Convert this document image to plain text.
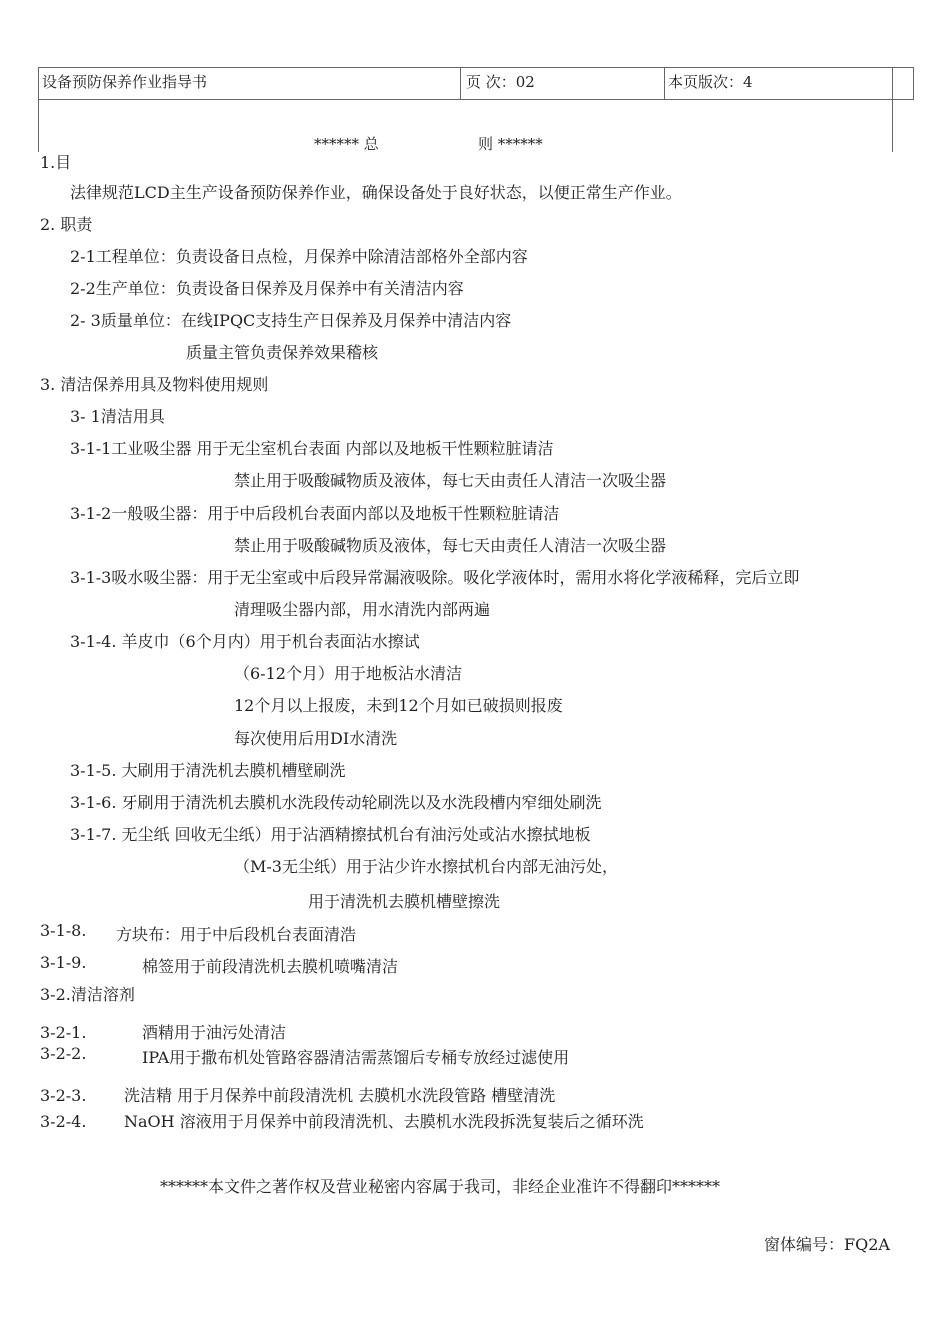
设备预防保养作业指导书	页 次：02	本页版次：4
****** 总	则 ******
1.目
法律规范LCD主生产设备预防保养作业，确保设备处于良好状态，以便正常生产作业。
2. 职责
2-1工程单位：负责设备日点检，月保养中除清洁部格外全部内容
2-2生产单位：负责设备日保养及月保养中有关清洁内容
2- 3质量单位：在线IPQC支持生产日保养及月保养中清洁内容
质量主管负责保养效果稽核
3. 清洁保养用具及物料使用规则
3- 1清洁用具
3-1-1工业吸尘器 用于无尘室机台表面 内部以及地板干性颗粒脏请洁
禁止用于吸酸碱物质及液体，每七天由责任人清洁一次吸尘器
3-1-2一般吸尘器：用于中后段机台表面内部以及地板干性颗粒脏请洁
禁止用于吸酸碱物质及液体，每七天由责任人清洁一次吸尘器
3-1-3吸水吸尘器：用于无尘室或中后段异常漏液吸除。吸化学液体时，需用水将化学液稀释，完后立即
清理吸尘器内部，用水清洗内部两遍
3-1-4. 羊皮巾（6个月内）用于机台表面沾水擦试
（6-12个月）用于地板沾水清洁
12个月以上报废，未到12个月如已破损则报废
每次使用后用DI水清洗
3-1-5. 大刷用于清洗机去膜机槽壁刷洗
3-1-6. 牙刷用于清洗机去膜机水洗段传动轮刷洗以及水洗段槽内窄细处刷洗
3-1-7. 无尘纸 回收无尘纸）用于沾酒精擦拭机台有油污处或沾水擦拭地板
（M-3无尘纸）用于沾少许水擦拭机台内部无油污处，
用于清洗机去膜机槽壁擦洗
3-1-8. 方块布：用于中后段机台表面清浩
3-1-9.	棉签用于前段清洗机去膜机喷嘴清洁
3-2.清洁溶剂
3-2-1.	酒精用于油污处清洁
3-2-2.	IPA用于撒布机处管路容器清洁需蒸馏后专桶专放经过滤使用
3-2-3. 洗洁精 用于月保养中前段清洗机 去膜机水洗段管路 槽壁清洗
3-2-4. NaOH 溶液用于月保养中前段清洗机、去膜机水洗段拆洗复装后之循环洗
******本文件之著作权及营业秘密内容属于我司，非经企业准许不得翻印******
窗体编号：FQ2A
